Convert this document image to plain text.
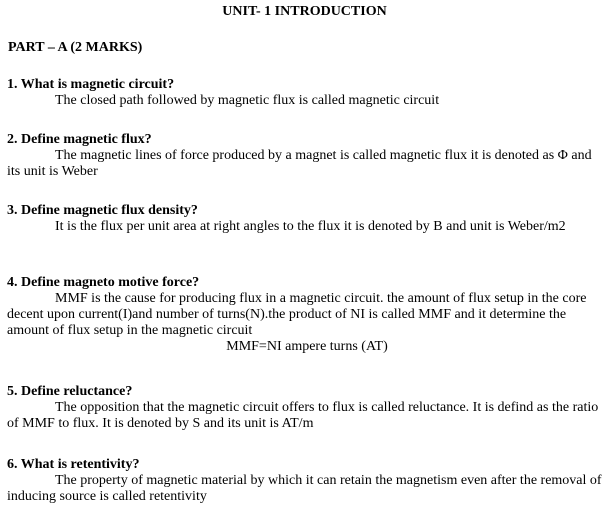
UNIT- 1 INTRODUCTION
PART – A (2 MARKS)

1. What is magnetic circuit?

The closed path followed by magnetic flux is called magnetic circuit

2. Define magnetic flux?

The magnetic lines of force produced by a magnet is called magnetic flux it is denoted as Φ and its unit is Weber

3. Define magnetic flux density?

It is the flux per unit area at right angles to the flux it is denoted by B and unit is Weber/m2

4. Define magneto motive force?

MMF is the cause for producing flux in a magnetic circuit. the amount of flux setup in the core decent upon current(I)and number of turns(N).the product of NI is called MMF and it determine the amount of flux setup in the magnetic circuit

MMF=NI ampere turns (AT)

5. Define reluctance?

The opposition that the magnetic circuit offers to flux is called reluctance. It is defind as the ratio of MMF to flux. It is denoted by S and its unit is AT/m

6. What is retentivity?

The property of magnetic material by which it can retain the magnetism even after the removal of inducing source is called retentivity
